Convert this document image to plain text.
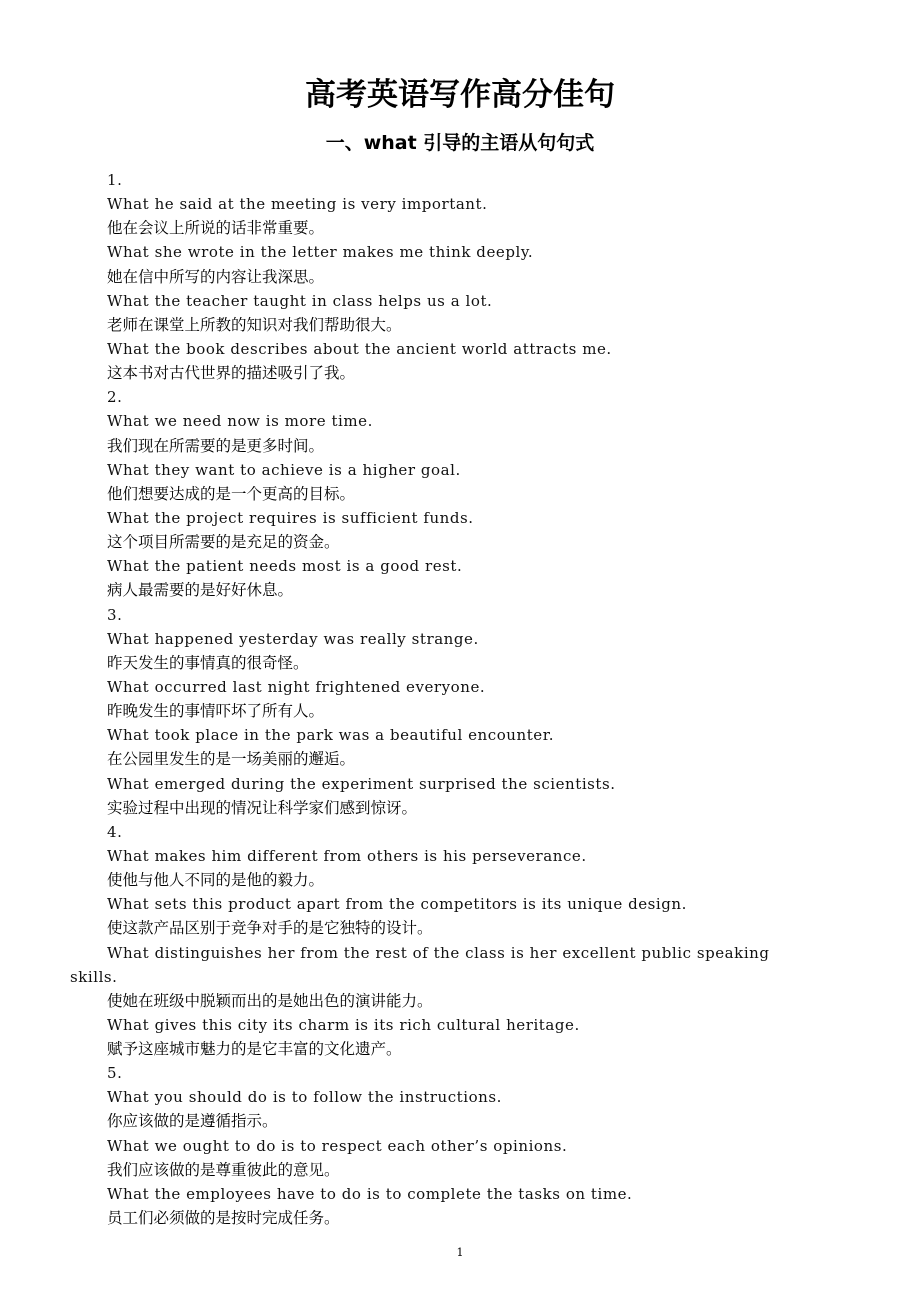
高考英语写作高分佳句
一、what 引导的主语从句句式
1.
What he said at the meeting is very important.
他在会议上所说的话非常重要。
What she wrote in the letter makes me think deeply.
她在信中所写的内容让我深思。
What the teacher taught in class helps us a lot.
老师在课堂上所教的知识对我们帮助很大。
What the book describes about the ancient world attracts me.
这本书对古代世界的描述吸引了我。
2.
What we need now is more time.
我们现在所需要的是更多时间。
What they want to achieve is a higher goal.
他们想要达成的是一个更高的目标。
What the project requires is sufficient funds.
这个项目所需要的是充足的资金。
What the patient needs most is a good rest.
病人最需要的是好好休息。
3.
What happened yesterday was really strange.
昨天发生的事情真的很奇怪。
What occurred last night frightened everyone.
昨晚发生的事情吓坏了所有人。
What took place in the park was a beautiful encounter.
在公园里发生的是一场美丽的邂逅。
What emerged during the experiment surprised the scientists.
实验过程中出现的情况让科学家们感到惊讶。
4.
What makes him different from others is his perseverance.
使他与他人不同的是他的毅力。
What sets this product apart from the competitors is its unique design.
使这款产品区别于竞争对手的是它独特的设计。
What distinguishes her from the rest of the class is her excellent public speaking
skills.
使她在班级中脱颖而出的是她出色的演讲能力。
What gives this city its charm is its rich cultural heritage.
赋予这座城市魅力的是它丰富的文化遗产。
5.
What you should do is to follow the instructions.
你应该做的是遵循指示。
What we ought to do is to respect each other’s opinions.
我们应该做的是尊重彼此的意见。
What the employees have to do is to complete the tasks on time.
员工们必须做的是按时完成任务。
1
